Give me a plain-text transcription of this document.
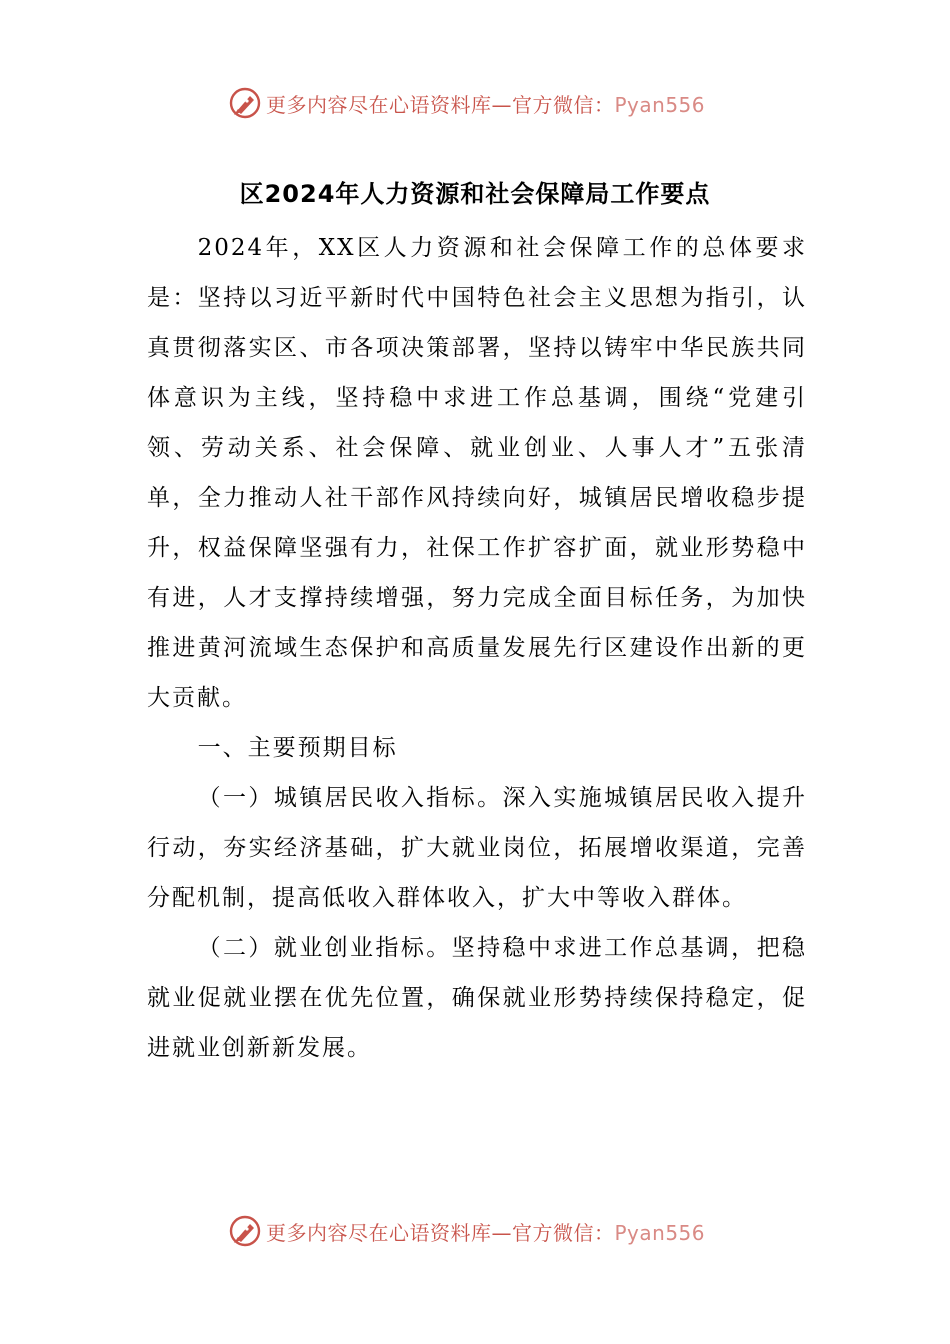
更多内容尽在心语资料库—官方微信：Pyan556
区2024年人力资源和社会保障局工作要点

2024年，XX区人力资源和社会保障工作的总体要求是：坚持以习近平新时代中国特色社会主义思想为指引，认真贯彻落实区、市各项决策部署，坚持以铸牢中华民族共同体意识为主线，坚持稳中求进工作总基调，围绕“党建引领、劳动关系、社会保障、就业创业、人事人才”五张清单，全力推动人社干部作风持续向好，城镇居民增收稳步提升，权益保障坚强有力，社保工作扩容扩面，就业形势稳中有进，人才支撑持续增强，努力完成全面目标任务，为加快推进黄河流域生态保护和高质量发展先行区建设作出新的更大贡献。

一、主要预期目标

（一）城镇居民收入指标。深入实施城镇居民收入提升行动，夯实经济基础，扩大就业岗位，拓展增收渠道，完善分配机制，提高低收入群体收入，扩大中等收入群体。

（二）就业创业指标。坚持稳中求进工作总基调，把稳就业促就业摆在优先位置，确保就业形势持续保持稳定，促进就业创新新发展。

更多内容尽在心语资料库—官方微信：Pyan556
